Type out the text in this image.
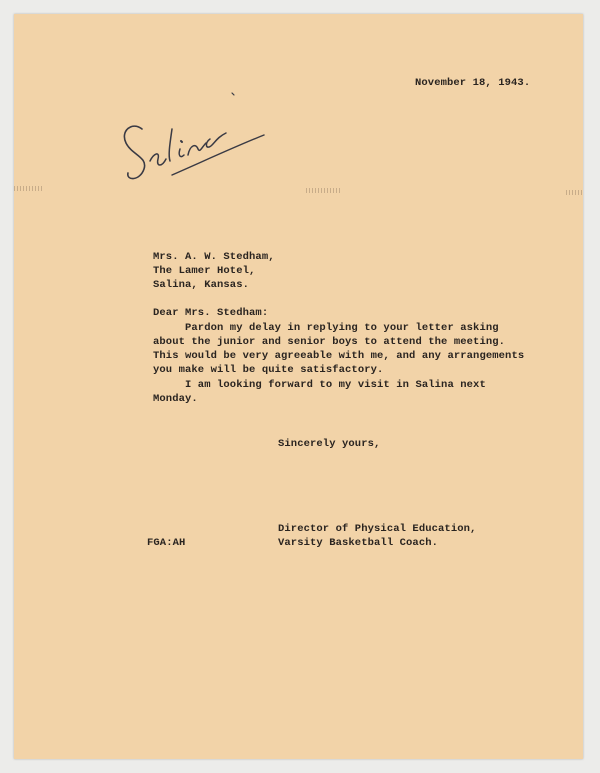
November 18, 1943.
Mrs. A. W. Stedham,
The Lamer Hotel,
Salina, Kansas.
Dear Mrs. Stedham:
Pardon my delay in replying to your letter asking
about the junior and senior boys to attend the meeting.
This would be very agreeable with me, and any arrangements
you make will be quite satisfactory.
I am looking forward to my visit in Salina next
Monday.
Sincerely yours,
FGA:AH
Director of Physical Education,
Varsity Basketball Coach.
